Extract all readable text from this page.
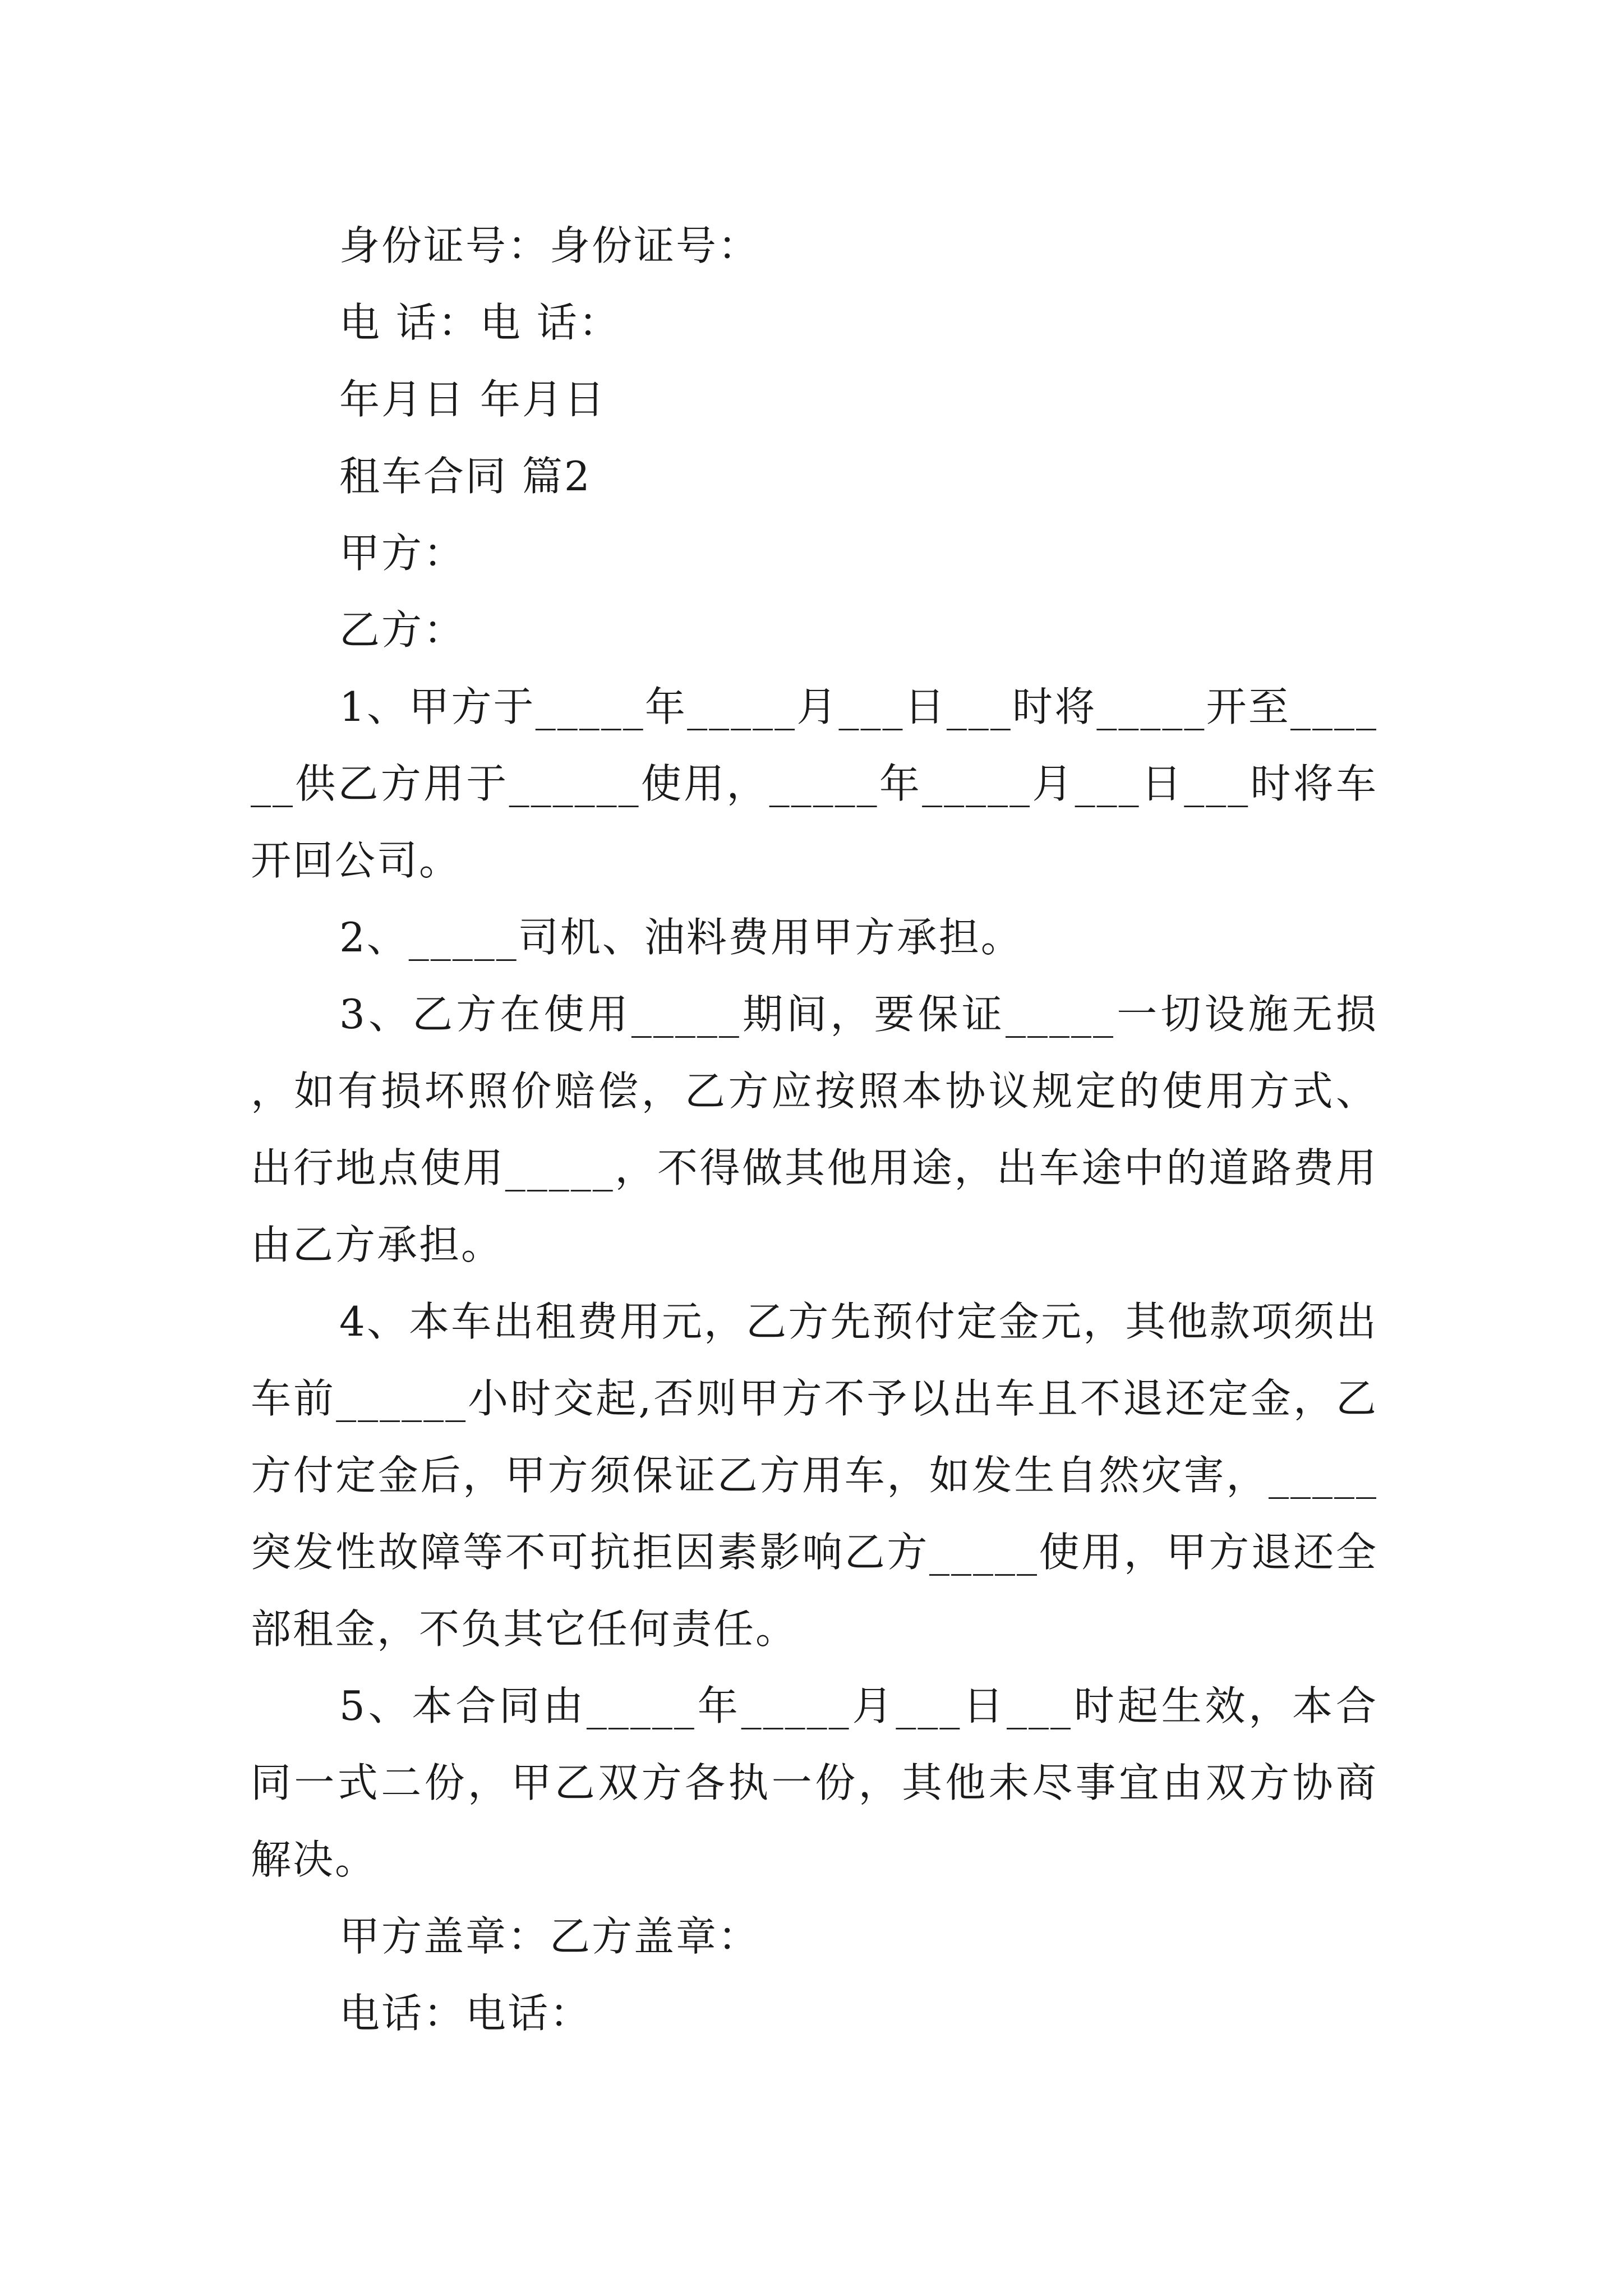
身份证号：身份证号：

电 话：电 话：

年月日 年月日

租车合同 篇2

甲方：

乙方：

1、甲方于_____年_____月___日___时将_____开至______供乙方用于______使用，_____年_____月___日___时将车开回公司。

2、_____司机、油料费用甲方承担。

3、乙方在使用_____期间，要保证_____一切设施无损，如有损坏照价赔偿，乙方应按照本协议规定的使用方式、出行地点使用_____，不得做其他用途，出车途中的道路费用由乙方承担。

4、本车出租费用元，乙方先预付定金元，其他款项须出车前______小时交起,否则甲方不予以出车且不退还定金，乙方付定金后，甲方须保证乙方用车，如发生自然灾害，_____突发性故障等不可抗拒因素影响乙方_____使用，甲方退还全部租金，不负其它任何责任。

5、本合同由_____年_____月___日___时起生效，本合同一式二份，甲乙双方各执一份，其他未尽事宜由双方协商解决。

甲方盖章：乙方盖章：

电话：电话：
